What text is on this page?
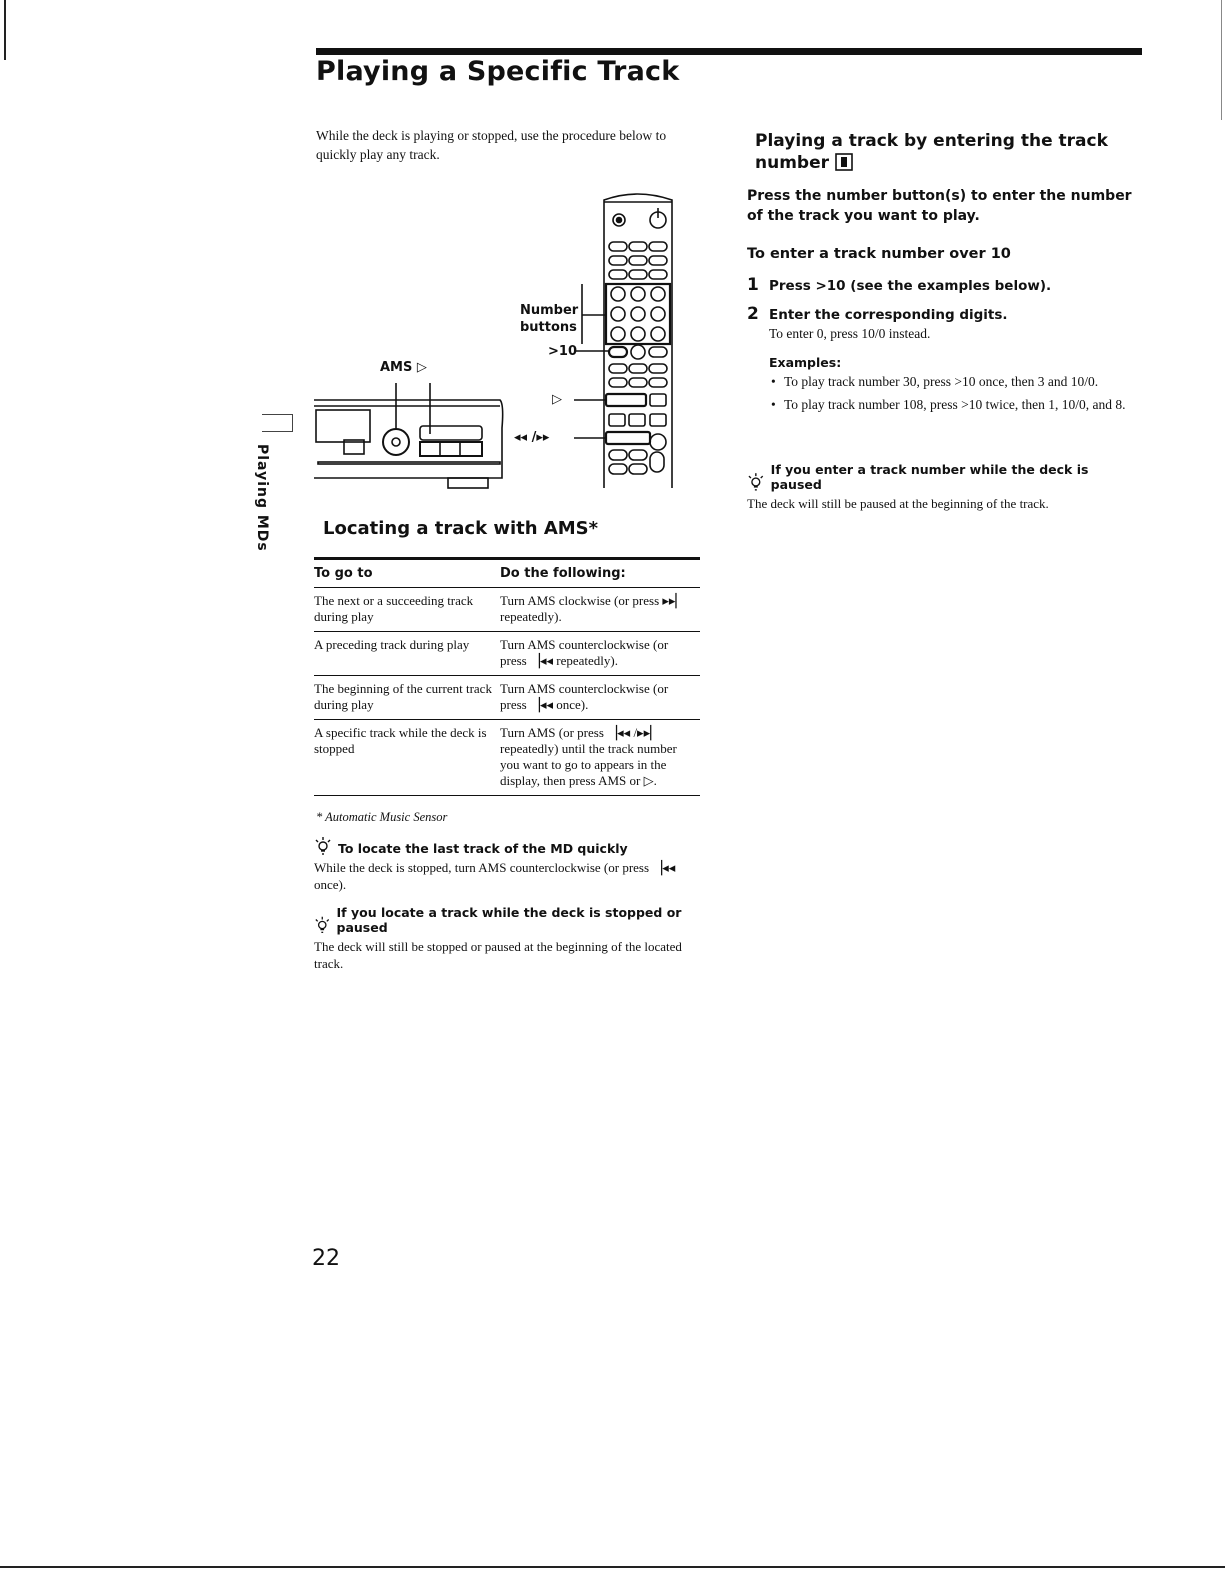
Playing a Specific Track
Playing MDs
While the deck is playing or stopped, use the procedure below to quickly play any track.
Number
buttons
>10
AMS ▷
▷
◂◂ /▸▸
Locating a track with AMS*
To go to	Do the following:
The next or a succeeding track during play	Turn AMS clockwise (or press ▸▸▏ repeatedly).
A preceding track during play	Turn AMS counterclockwise (or press ▕◂◂ repeatedly).
The beginning of the current track during play	Turn AMS counterclockwise (or press ▕◂◂ once).
A specific track while the deck is stopped	Turn AMS (or press ▕◂◂ /▸▸▏ repeatedly) until the track number you want to go to appears in the display, then press AMS or ▷.
* Automatic Music Sensor
To locate the last track of the MD quickly
While the deck is stopped, turn AMS counterclockwise (or press ▕◂◂ once).
If you locate a track while the deck is stopped or paused
The deck will still be stopped or paused at the beginning of the located track.
Playing a track by entering the track number
Press the number button(s) to enter the number of the track you want to play.
To enter a track number over 10
1 Press >10 (see the examples below).
2 Enter the corresponding digits.
To enter 0, press 10/0 instead.
Examples:
• To play track number 30, press >10 once, then 3 and 10/0.
• To play track number 108, press >10 twice, then 1, 10/0, and 8.
If you enter a track number while the deck is paused
The deck will still be paused at the beginning of the track.
22
